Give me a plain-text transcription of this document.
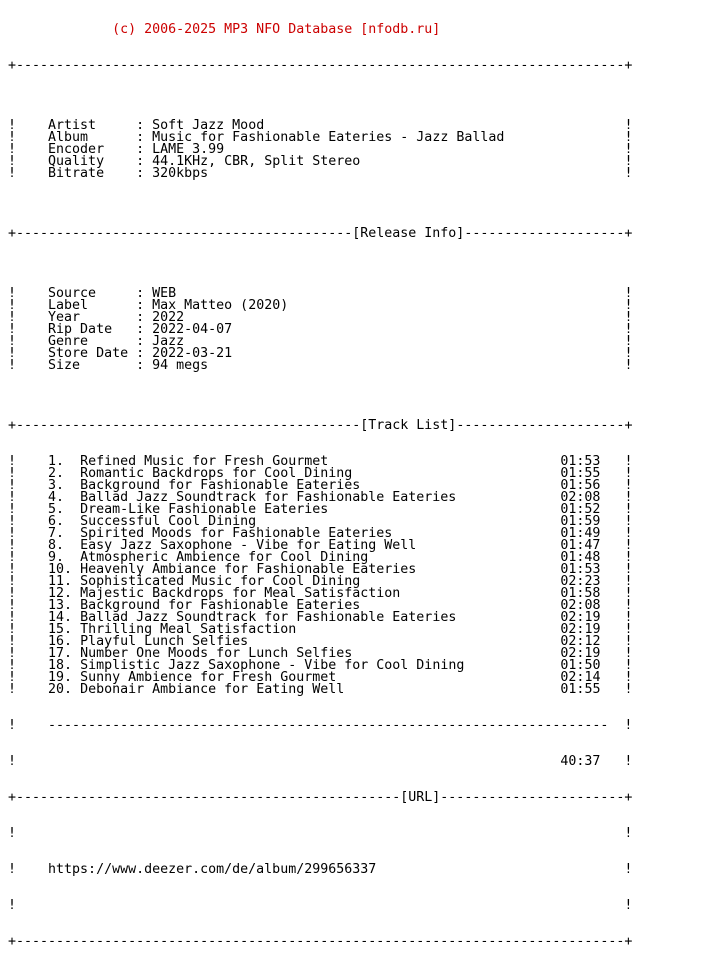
(c) 2006-2025 MP3 NFO Database [nfodb.ru]

+----------------------------------------------------------------------------+

!    Artist	: Soft Jazz Mood                                             !
!    Album	: Music for Fashionable Eateries - Jazz Ballad               !
!    Encoder : LAME 3.99                                                  !
!    Quality : 44.1KHz, CBR, Split Stereo                                 !
!    Bitrate : 320kbps                                                    !

+------------------------------------------[Release Info]--------------------+

!    Source	: WEB                                                        !
!    Label	: Max Matteo (2020)                                          !
!    Year	: 2022                                                       !
!    Rip Date : 2022-04-07                                                 !
!    Genre	: Jazz                                                       !
!    Store Date : 2022-03-21                                                 !
!    Size	: 94 megs                                                    !

+-------------------------------------------[Track List]---------------------+

!    1. Refined Music for Fresh Gourmet	01:53   !
!    2. Romantic Backdrops for Cool Dining	01:55   !
!    3. Background for Fashionable Eateries	01:56   !
!    4. Ballad Jazz Soundtrack for Fashionable Eateries	02:08   !
!    5. Dream-Like Fashionable Eateries	01:52   !
!    6. Successful Cool Dining	01:59   !
!    7. Spirited Moods for Fashionable Eateries	01:49   !
!    8. Easy Jazz Saxophone - Vibe for Eating Well	01:47   !
!    9. Atmospheric Ambience for Cool Dining	01:48   !
!    10. Heavenly Ambiance for Fashionable Eateries	01:53   !
!    11. Sophisticated Music for Cool Dining	02:23   !
!    12. Majestic Backdrops for Meal Satisfaction	01:58   !
!    13. Background for Fashionable Eateries	02:08   !
!    14. Ballad Jazz Soundtrack for Fashionable Eateries	02:19   !
!    15. Thrilling Meal Satisfaction	02:19   !
!    16. Playful Lunch Selfies	02:12   !
!    17. Number One Moods for Lunch Selfies	02:19   !
!    18. Simplistic Jazz Saxophone - Vibe for Cool Dining	01:50   !
!    19. Sunny Ambience for Fresh Gourmet	02:14   !
!    20. Debonair Ambiance for Eating Well	01:55   !

!    ----------------------------------------------------------------------  !

!                                                                    40:37   !

+------------------------------------------------[URL]-----------------------+

!                                                                            !

!    https://www.deezer.com/de/album/299656337                               !

!                                                                            !

+----------------------------------------------------------------------------+
